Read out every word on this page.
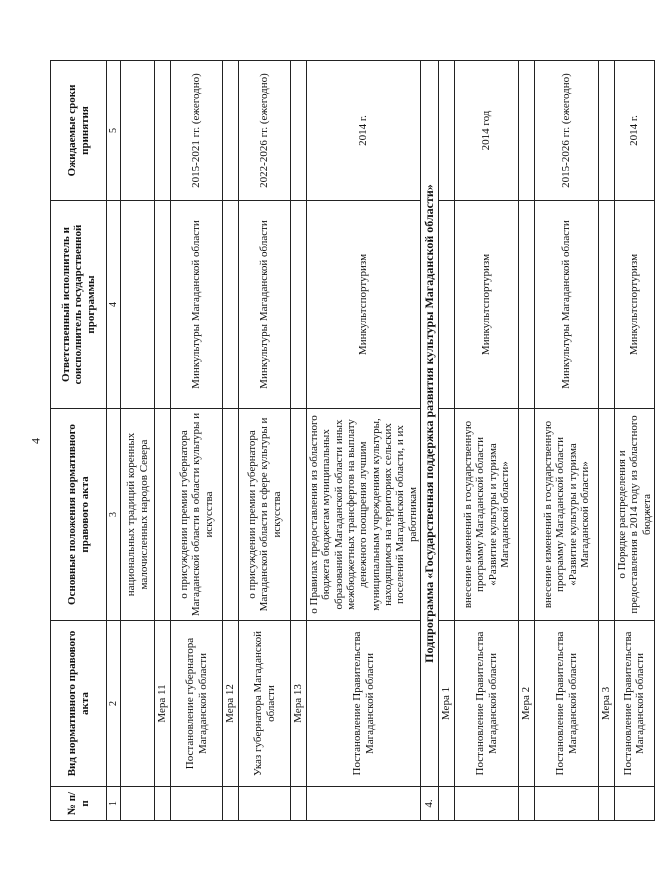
4
№ п/п	Вид нормативного правового акта	Основные положения нормативного правового акта	Ответственный исполнитель и соисполнитель государственной программы	Ожидаемые сроки принятия
1	2	3	4	5
		национальных традиций коренных малочисленных народов Севера		
	Мера 11			
	Постановление губернатора Магаданской области	о присуждении премии губернатора Магаданской области в области культуры и искусства	Минкультуры Магаданской области	2015-2021 гг. (ежегодно)
	Мера 12			
	Указ губернатора Магаданской области	о присуждении премии губернатора Магаданской области в сфере культуры и искусства	Минкультуры Магаданской области	2022-2026 гг. (ежегодно)
	Мера 13			
	Постановление Правительства Магаданской области	о Правилах предоставления из областного бюджета бюджетам муниципальных образований Магаданской области иных межбюджетных трансфертов на выплату денежного поощрения лучшим муниципальным учреждениям культуры, находящимся на территориях сельских поселений Магаданской области, и их работникам	Минкультспортуризм	2014 г.
4.	Подпрограмма «Государственная поддержка развития культуры Магаданской области»			
	Мера 1			
	Постановление Правительства Магаданской области	внесение изменений в государственную программу Магаданской области «Развитие культуры и туризма Магаданской области»	Минкультспортуризм	2014 год
	Мера 2			
	Постановление Правительства Магаданской области	внесение изменений в государственную программу Магаданской области «Развитие культуры и туризма Магаданской области»	Минкультуры Магаданской области	2015-2026 гг. (ежегодно)
	Мера 3			
	Постановление Правительства Магаданской области	о Порядке распределения и предоставления в 2014 году из областного бюджета	Минкультспортуризм	2014 г.
